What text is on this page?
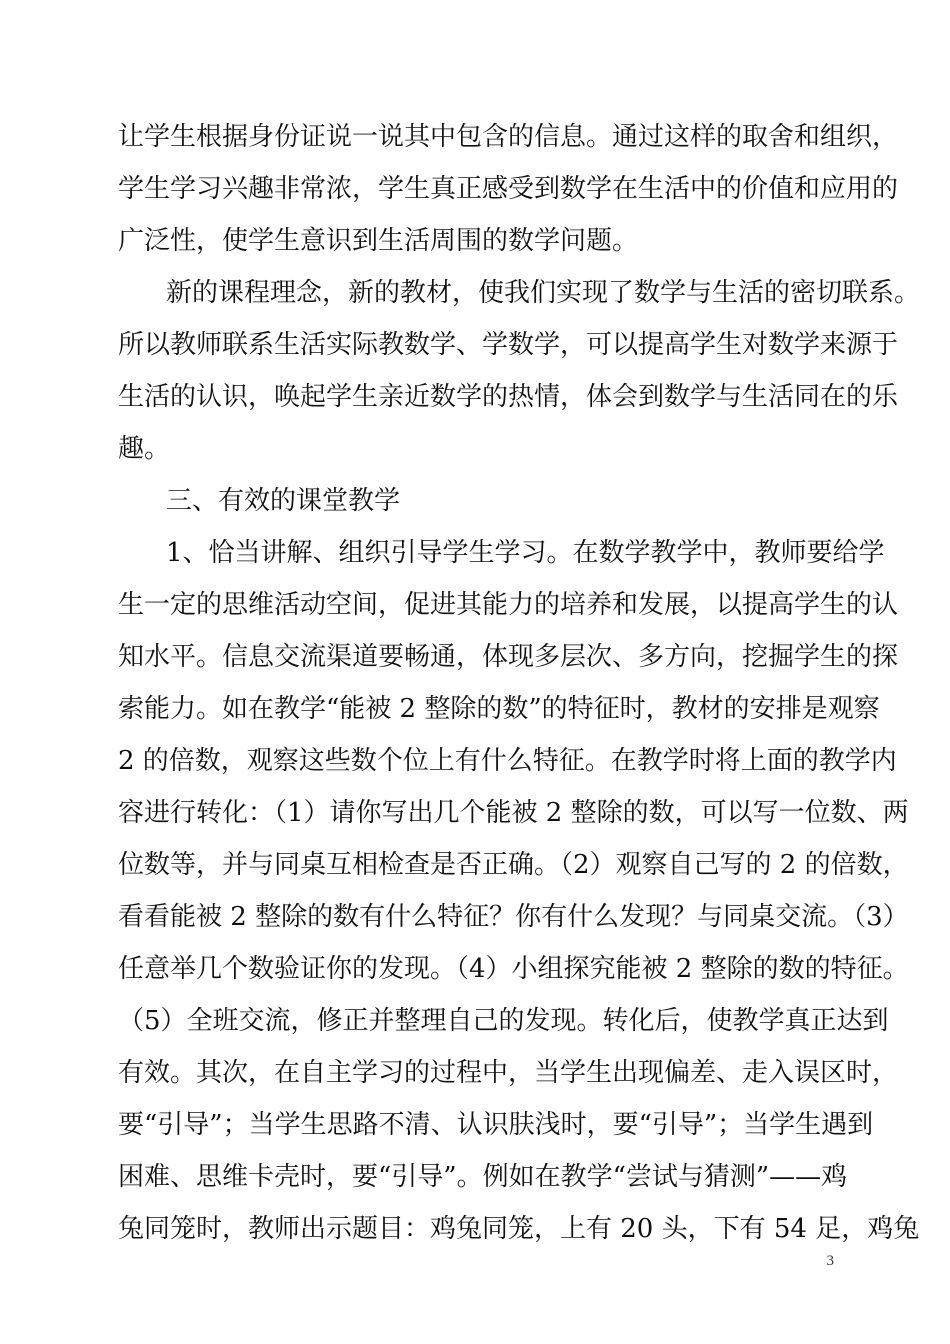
让学生根据身份证说一说其中包含的信息。通过这样的取舍和组织，
学生学习兴趣非常浓，学生真正感受到数学在生活中的价值和应用的
广泛性，使学生意识到生活周围的数学问题。
新的课程理念，新的教材，使我们实现了数学与生活的密切联系。
所以教师联系生活实际教数学、学数学，可以提高学生对数学来源于
生活的认识，唤起学生亲近数学的热情，体会到数学与生活同在的乐
趣。
三、有效的课堂教学
1、恰当讲解、组织引导学生学习。在数学教学中，教师要给学
生一定的思维活动空间，促进其能力的培养和发展，以提高学生的认
知水平。信息交流渠道要畅通，体现多层次、多方向，挖掘学生的探
索能力。如在教学“能被 2 整除的数”的特征时，教材的安排是观察
2 的倍数，观察这些数个位上有什么特征。在教学时将上面的教学内
容进行转化：（1）请你写出几个能被 2 整除的数，可以写一位数、两
位数等，并与同桌互相检查是否正确。（2）观察自己写的 2 的倍数，
看看能被 2 整除的数有什么特征？你有什么发现？与同桌交流。（3）
任意举几个数验证你的发现。（4）小组探究能被 2 整除的数的特征。
（5）全班交流，修正并整理自己的发现。转化后，使教学真正达到
有效。其次，在自主学习的过程中，当学生出现偏差、走入误区时，
要“引导”；当学生思路不清、认识肤浅时，要“引导”；当学生遇到
困难、思维卡壳时，要“引导”。例如在教学“尝试与猜测”——鸡
兔同笼时，教师出示题目：鸡兔同笼，上有 20 头，下有 54 足，鸡兔
3
